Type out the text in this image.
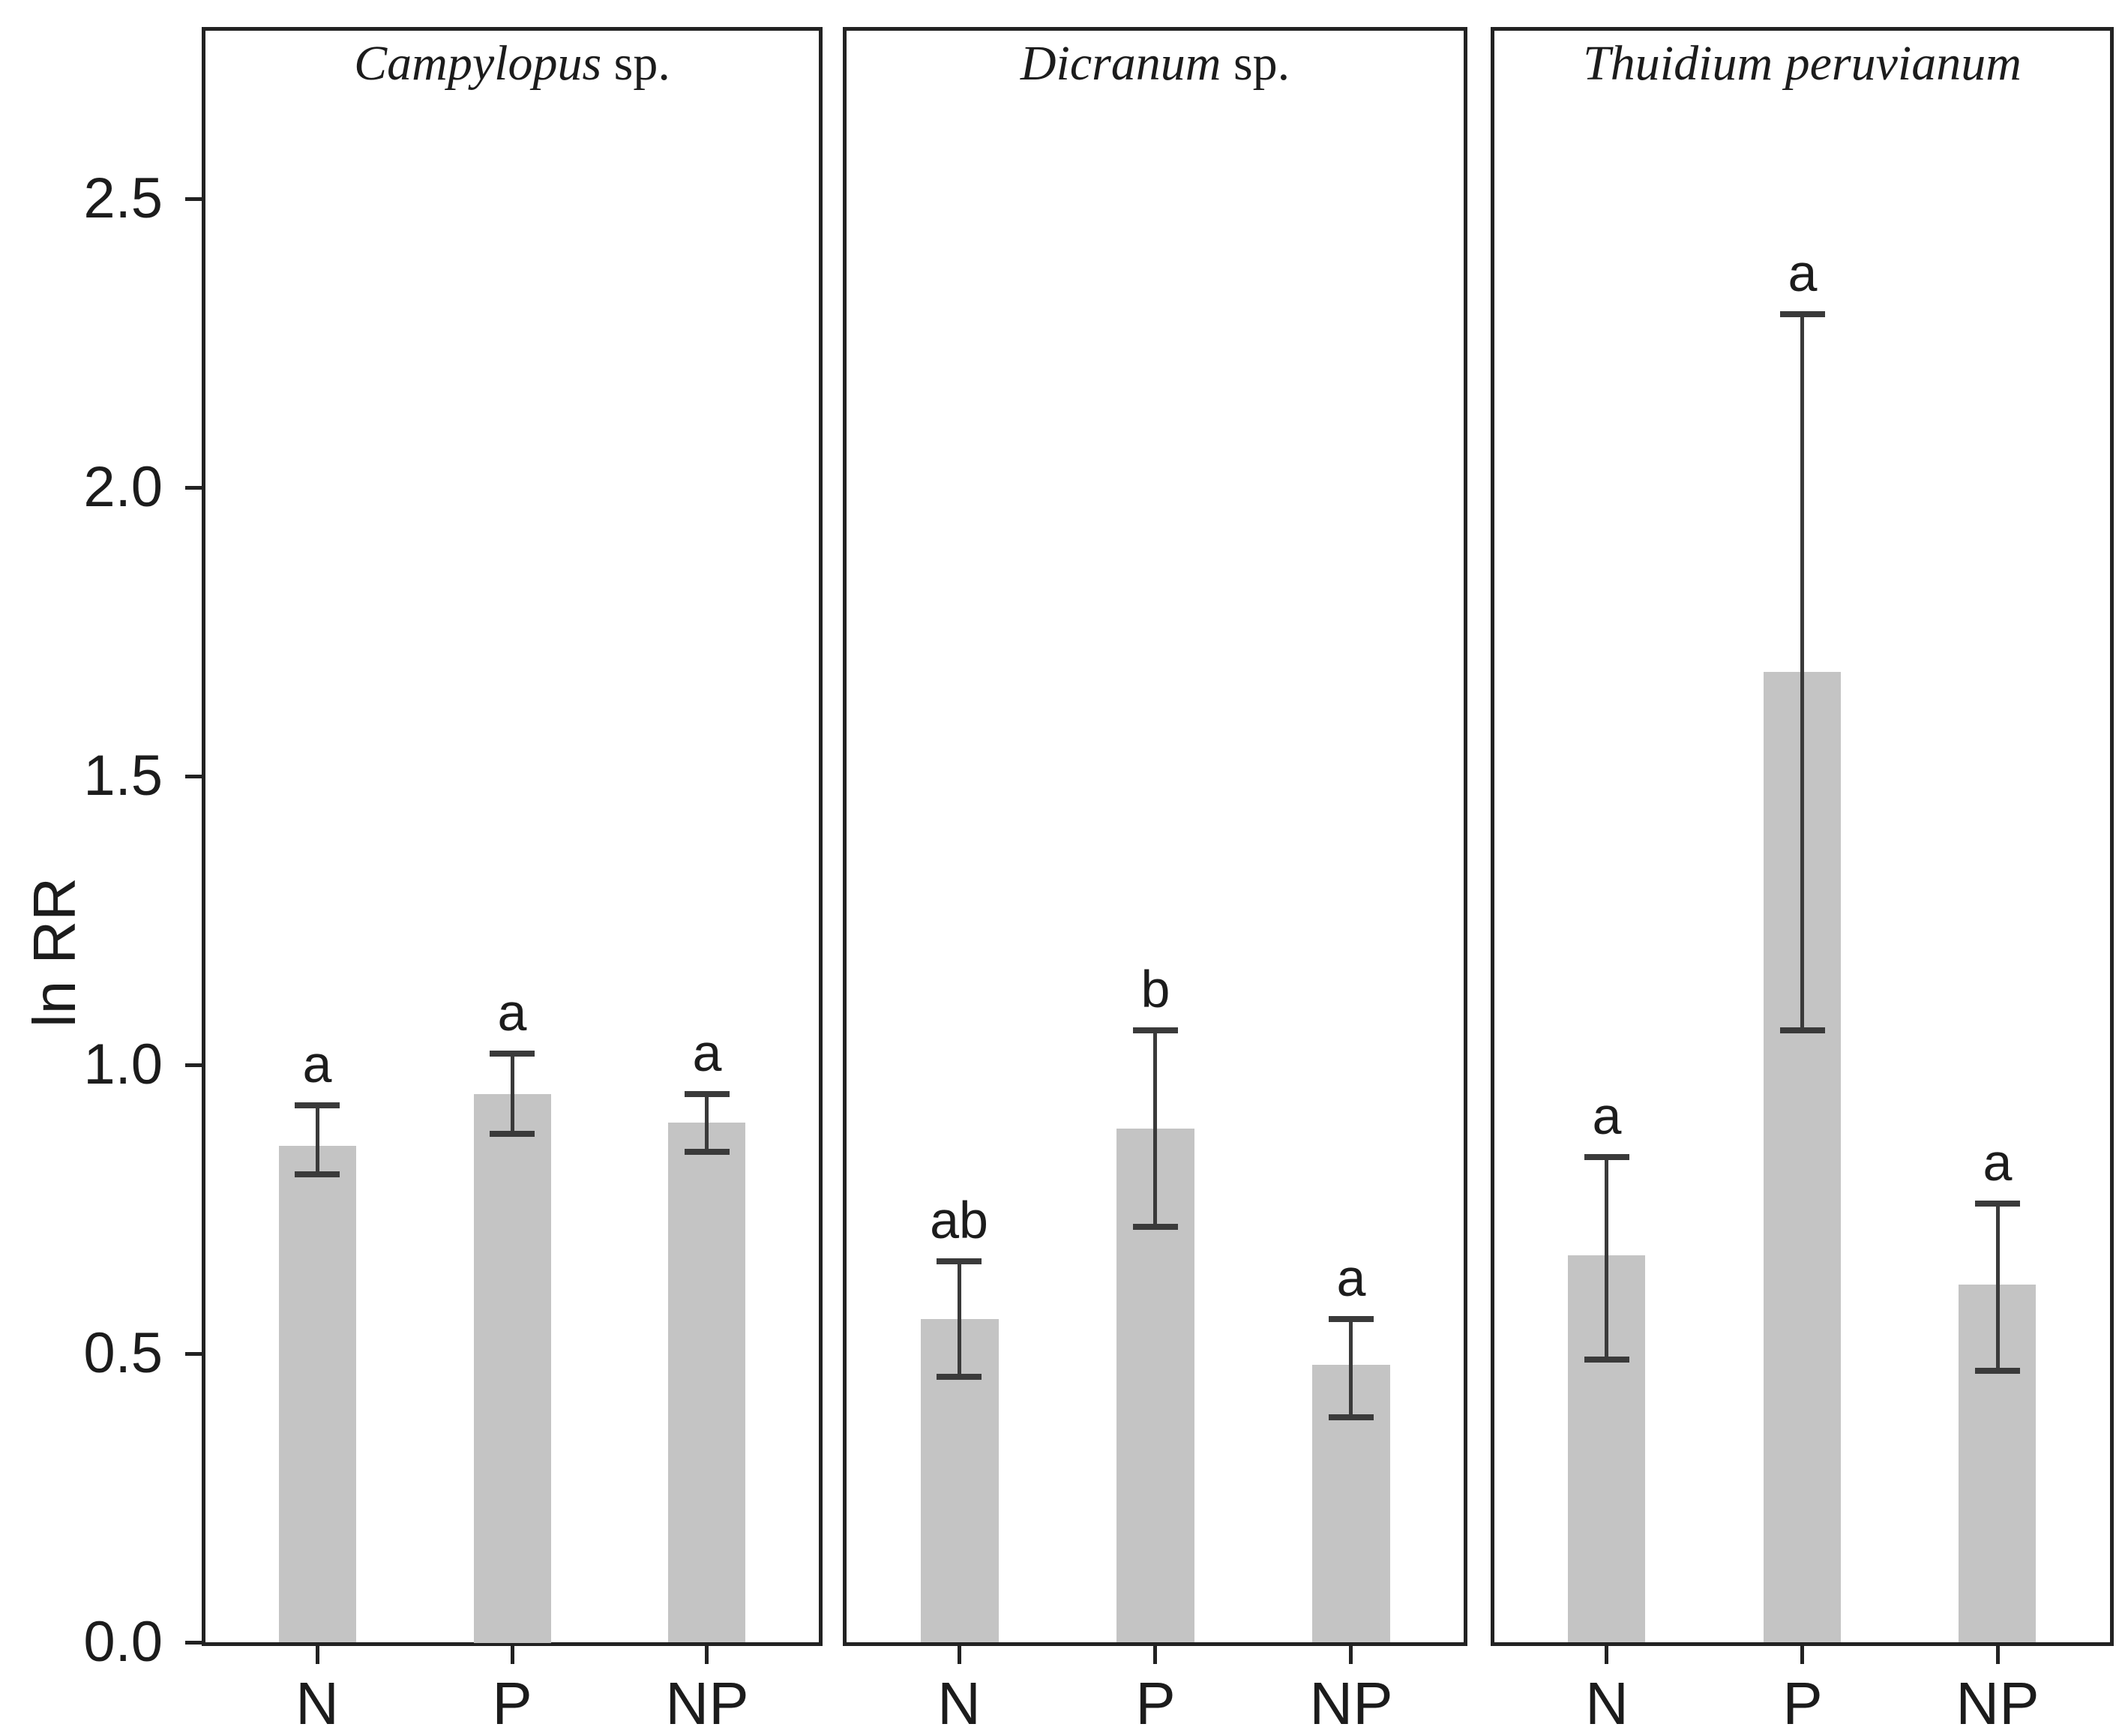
ln RR
0.0
0.5
1.0
1.5
2.0
2.5
Campylopus sp.
a
N
a
P
a
NP
Dicranum sp.
ab
N
b
P
a
NP
Thuidium peruvianum
a
N
a
P
a
NP
